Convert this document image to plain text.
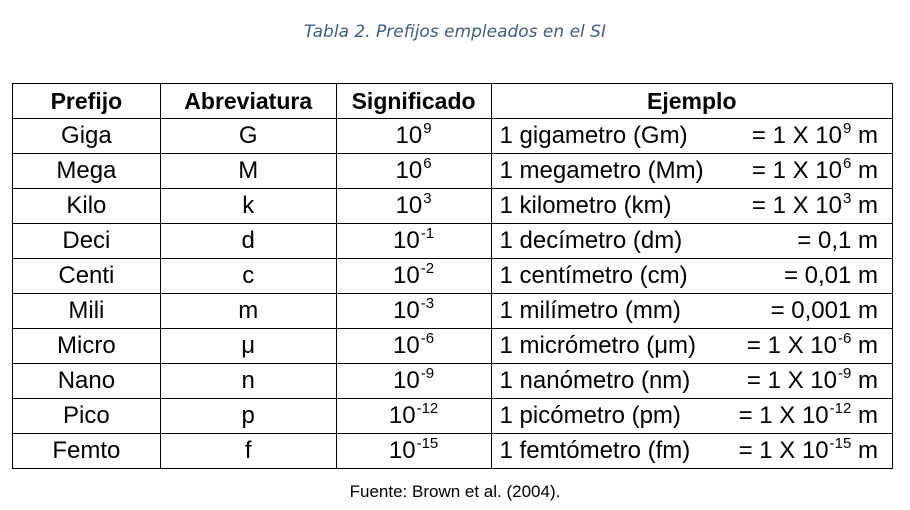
Tabla 2. Prefijos empleados en el SI
Prefijo	Abreviatura	Significado	Ejemplo
Giga	G	$10^9$	1 gigametro (Gm) = 1 X $10^9$ m

Mega	M	$10^6$	1 megametro (Mm) = 1 X $10^6$ m

Kilo	k	$10^3$	1 kilometro (km) = 1 X $10^3$ m

Deci	d	$10^{-1}$	1 decímetro (dm) = 0,1 m

Centi	c	$10^{-2}$	1 centímetro (cm) = 0,01 m

Mili	m	$10^{-3}$	1 milímetro (mm) = 0,001 m

Micro	μ	$10^{-6}$	1 micrómetro (μm) = 1 X $10^{-6}$ m

Nano	n	$10^{-9}$	1 nanómetro (nm) = 1 X $10^{-9}$ m

Pico	p	$10^{-12}$	1 picómetro (pm) = 1 X $10^{-12}$ m

Femto	f	$10^{-15}$	1 femtómetro (fm) = 1 X $10^{-15}$ m
Fuente: Brown et al. (2004).
